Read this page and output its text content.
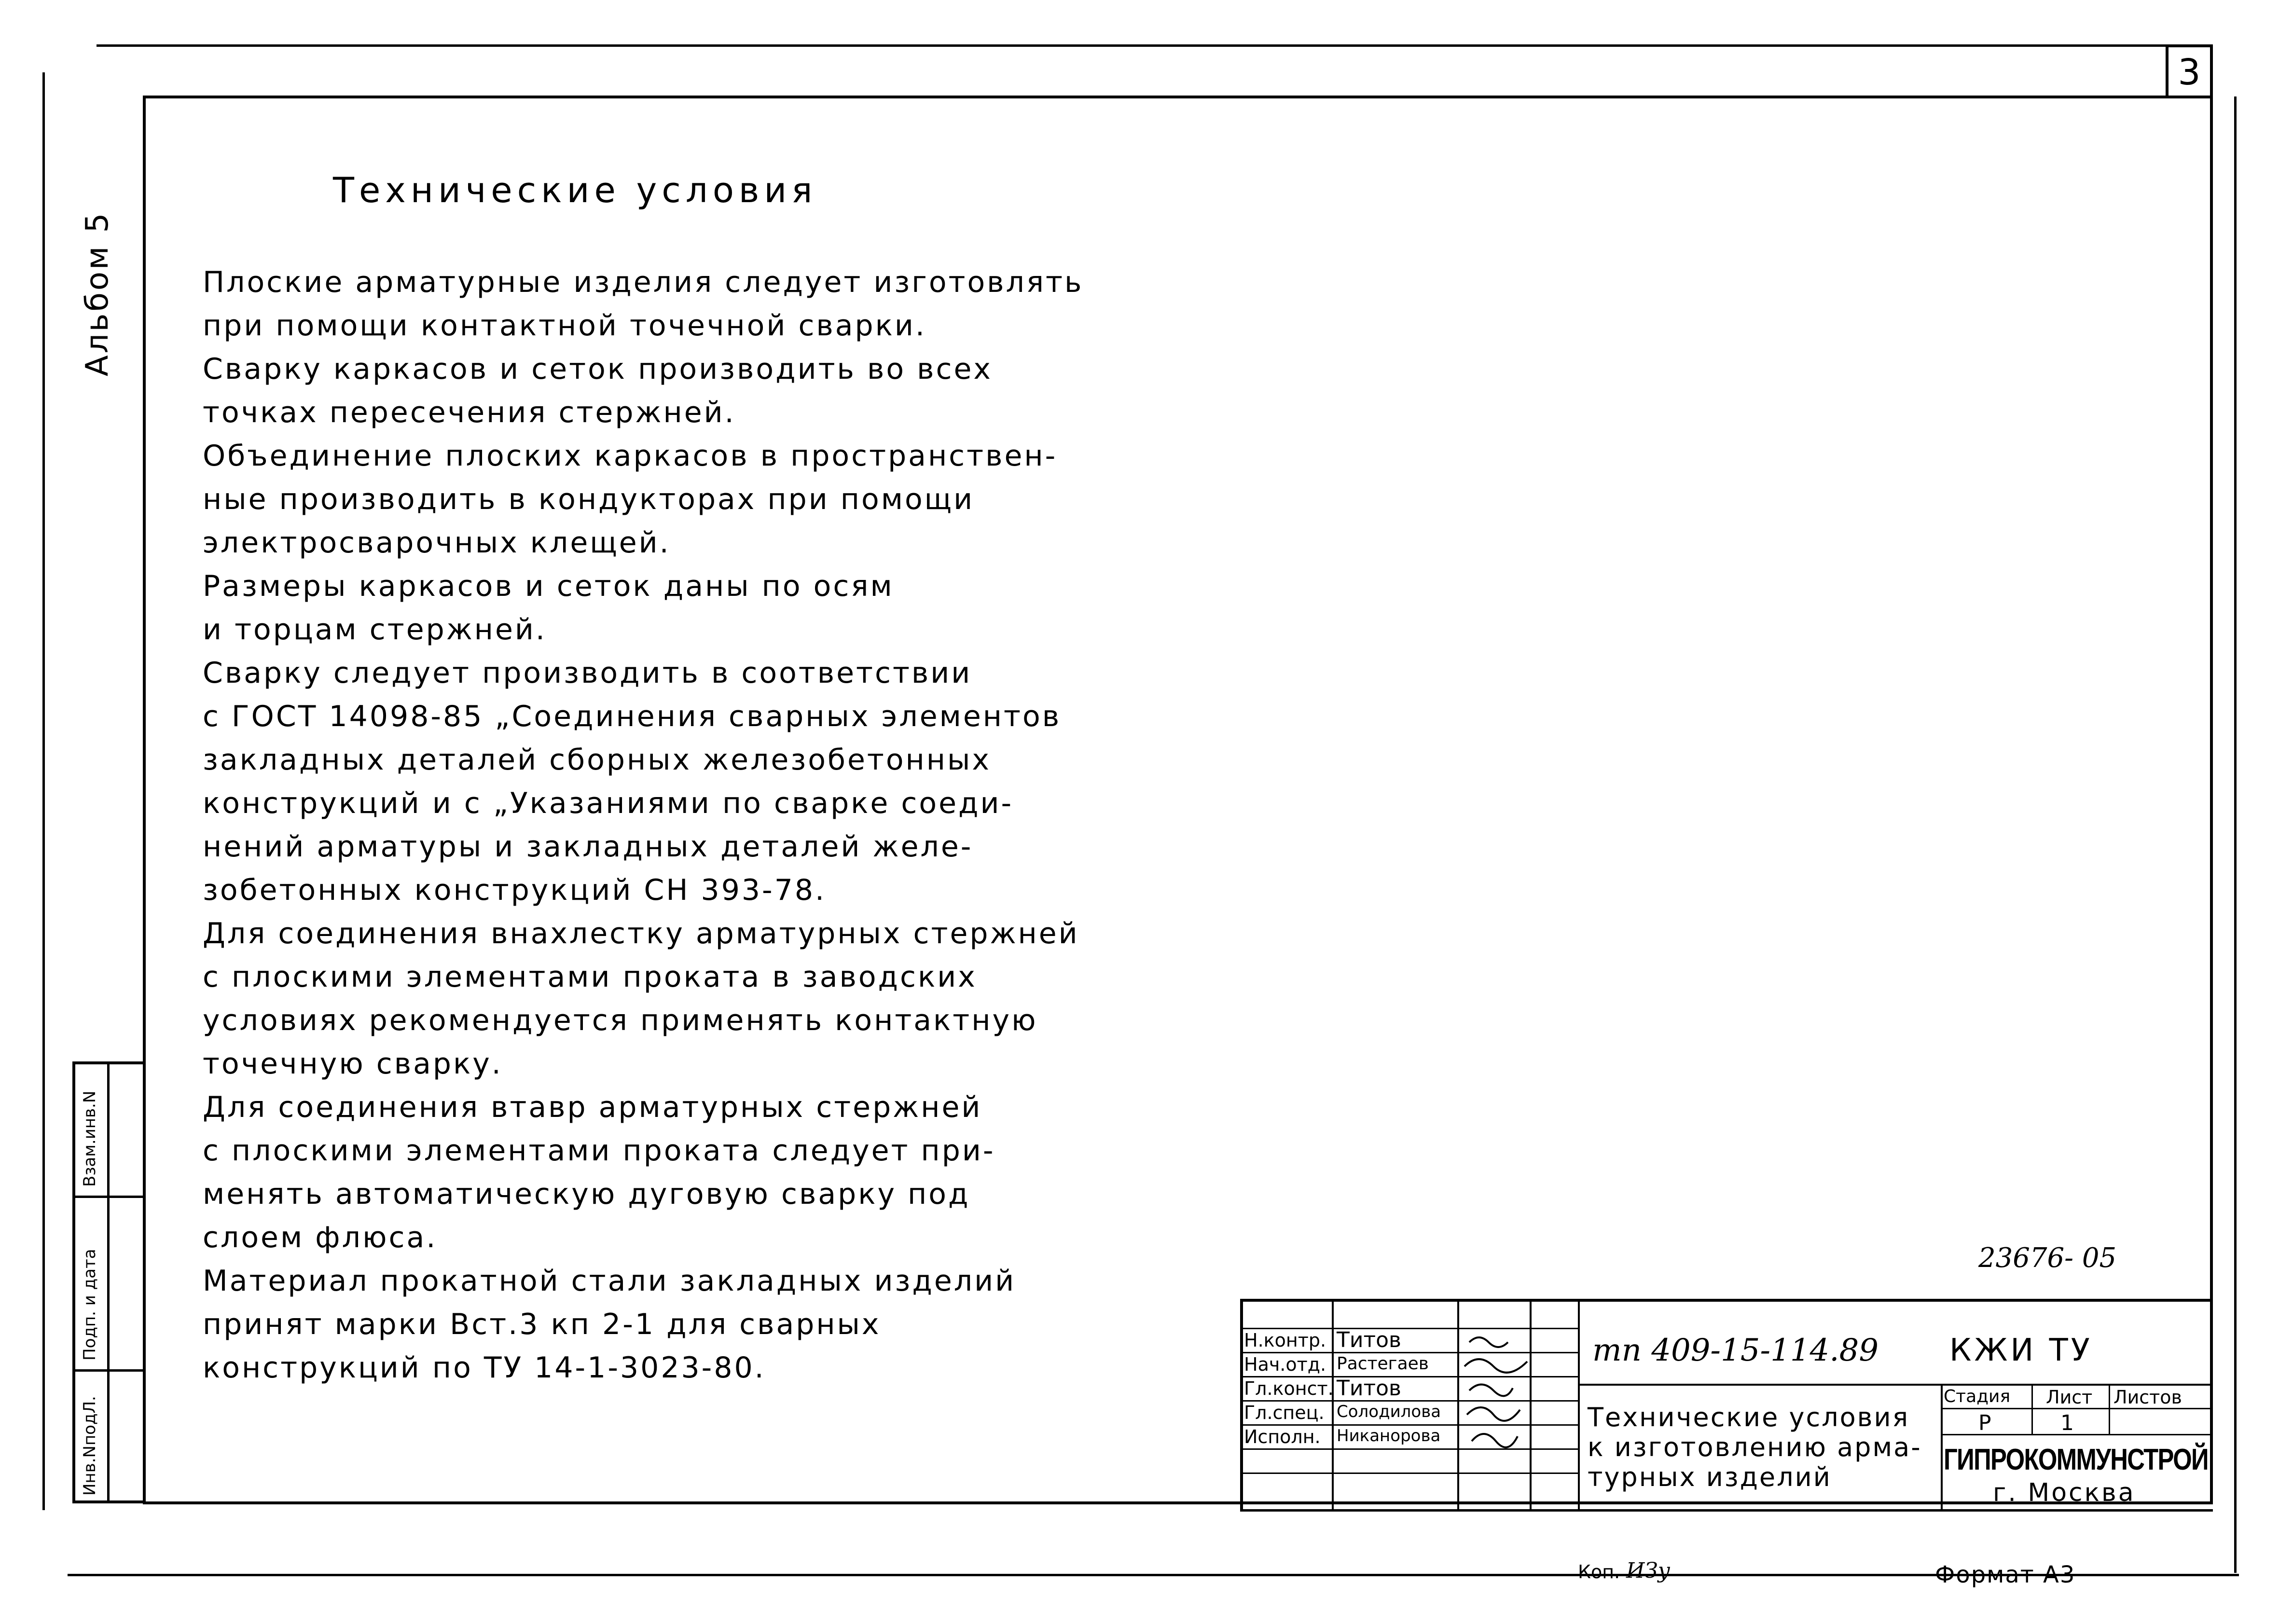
3
Альбом 5
Взам.инв.N
Подп. и дата
Инв.NподЛ.
Технические условия

Плоские арматурные изделия следует изготовлять

при помощи контактной точечной сварки.

Сварку каркасов и сеток производить во всех

точках пересечения стержней.

Объединение плоских каркасов в пространствен-

ные производить в кондукторах при помощи

электросварочных клещей.

Размеры каркасов и сеток даны по осям

и торцам стержней.

Сварку следует производить в соответствии

с ГОСТ 14098-85 „Соединения сварных элементов

закладных деталей сборных железобетонных

конструкций и с „Указаниями по сварке соеди-

нений арматуры и закладных деталей желе-

зобетонных конструкций СН 393-78.

Для соединения внахлестку арматурных стержней

с плоскими элементами проката в заводских

условиях рекомендуется применять контактную

точечную сварку.

Для соединения втавр арматурных стержней

с плоскими элементами проката следует при-

менять автоматическую дуговую сварку под

слоем флюса.

Материал прокатной стали закладных изделий

принят марки Вст.3 кп 2-1 для сварных

конструкций по ТУ 14-1-3023-80.

23676- 05
Н.контр. Титов
Нач.отд. Растегаев
Гл.конст. Титов
Гл.спец. Солодилова
Исполн. Никанорова
тп 409-15-114.89 КЖИ ТУ
Технические условия
к изготовлению арма-
турных изделий
Стадия Лист Листов
Р	1
ГИПРОКОММУНСТРОЙ
г. Москва
Коп. ИЗу	Формат А3
